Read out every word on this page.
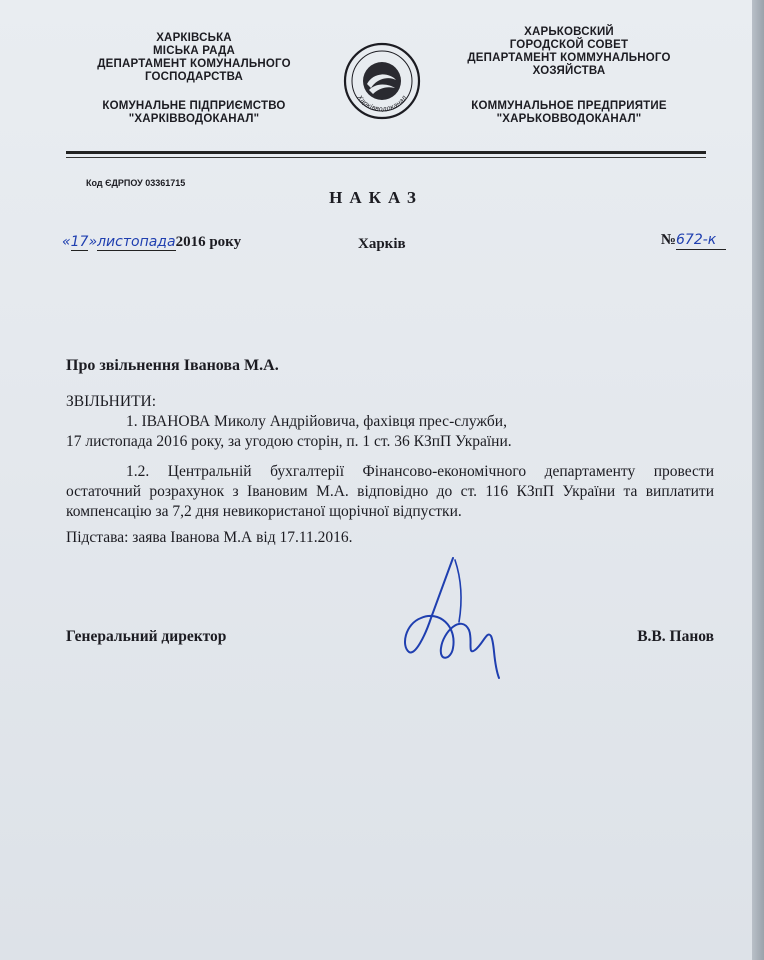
ХАРКІВСЬКА
МІСЬКА РАДА
ДЕПАРТАМЕНТ КОМУНАЛЬНОГО
ГОСПОДАРСТВА
КОМУНАЛЬНЕ ПІДПРИЄМСТВО
"ХАРКІВВОДОКАНАЛ"
Харківводоканал
ХАРЬКОВСКИЙ
ГОРОДСКОЙ СОВЕТ
ДЕПАРТАМЕНТ КОММУНАЛЬНОГО
ХОЗЯЙСТВА
КОММУНАЛЬНОЕ ПРЕДПРИЯТИЕ
"ХАРЬКОВВОДОКАНАЛ"
Код ЄДРПОУ 03361715
НАКАЗ
«17»листопада2016 року	Харків	№672-к
Про звільнення Іванова М.А.

ЗВІЛЬНИТИ:

1. ІВАНОВА Миколу Андрійовича, фахівця прес-служби,

17 листопада 2016 року, за угодою сторін, п. 1 ст. 36 КЗпП України.

1.2. Центральній бухгалтерії Фінансово-економічного департаменту провести остаточний розрахунок з Івановим М.А. відповідно до ст. 116 КЗпП України та виплатити компенсацію за 7,2 дня невикористаної щорічної відпустки.

Підстава: заява Іванова М.А від 17.11.2016.

Генеральний директор	В.В. Панов
